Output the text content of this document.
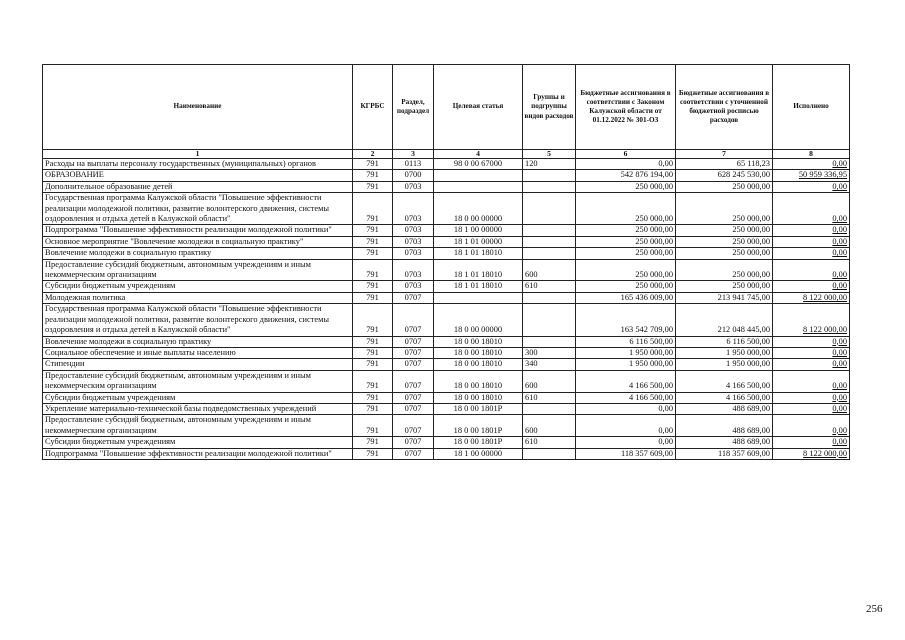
Наименование	КГРБС	Раздел, подраздел	Целевая статья	Группы и подгруппы видов расходов	Бюджетные ассигнования в соответствии с Законом Калужской области от 01.12.2022 № 301-ОЗ	Бюджетные ассигнования в соответствии с уточненной бюджетной росписью расходов	Исполнено
1	2	3	4	5	6	7	8
Расходы на выплаты персоналу государственных (муниципальных) органов	791	0113	98 0 00 67000	120	0,00	65 118,23	0,00
ОБРАЗОВАНИЕ	791	0700			542 876 194,00	628 245 530,00	50 959 336,95
Дополнительное образование детей	791	0703			250 000,00	250 000,00	0,00
Государственная программа Калужской области "Повышение эффективности реализации молодежной политики, развитие волонтерского движения, системы оздоровления и отдыха детей в Калужской области"	791	0703	18 0 00 00000		250 000,00	250 000,00	0,00
Подпрограмма "Повышение эффективности реализации молодежной политики"	791	0703	18 1 00 00000		250 000,00	250 000,00	0,00
Основное мероприятие "Вовлечение молодежи в социальную практику"	791	0703	18 1 01 00000		250 000,00	250 000,00	0,00
Вовлечение молодежи в социальную практику	791	0703	18 1 01 18010		250 000,00	250 000,00	0,00
Предоставление субсидий бюджетным, автономным учреждениям и иным некоммерческим организациям	791	0703	18 1 01 18010	600	250 000,00	250 000,00	0,00
Субсидии бюджетным учреждениям	791	0703	18 1 01 18010	610	250 000,00	250 000,00	0,00
Молодежная политика	791	0707			165 436 009,00	213 941 745,00	8 122 000,00
Государственная программа Калужской области "Повышение эффективности реализации молодежной политики, развитие волонтерского движения, системы оздоровления и отдыха детей в Калужской области"	791	0707	18 0 00 00000		163 542 709,00	212 048 445,00	8 122 000,00
Вовлечение молодежи в социальную практику	791	0707	18 0 00 18010		6 116 500,00	6 116 500,00	0,00
Социальное обеспечение и иные выплаты населению	791	0707	18 0 00 18010	300	1 950 000,00	1 950 000,00	0,00
Стипендии	791	0707	18 0 00 18010	340	1 950 000,00	1 950 000,00	0,00
Предоставление субсидий бюджетным, автономным учреждениям и иным некоммерческим организациям	791	0707	18 0 00 18010	600	4 166 500,00	4 166 500,00	0,00
Субсидии бюджетным учреждениям	791	0707	18 0 00 18010	610	4 166 500,00	4 166 500,00	0,00
Укрепление материально-технической базы подведомственных учреждений	791	0707	18 0 00 1801Р		0,00	488 689,00	0,00
Предоставление субсидий бюджетным, автономным учреждениям и иным некоммерческим организациям	791	0707	18 0 00 1801Р	600	0,00	488 689,00	0,00
Субсидии бюджетным учреждениям	791	0707	18 0 00 1801Р	610	0,00	488 689,00	0,00
Подпрограмма "Повышение эффективности реализации молодежной политики"	791	0707	18 1 00 00000		118 357 609,00	118 357 609,00	8 122 000,00
256
